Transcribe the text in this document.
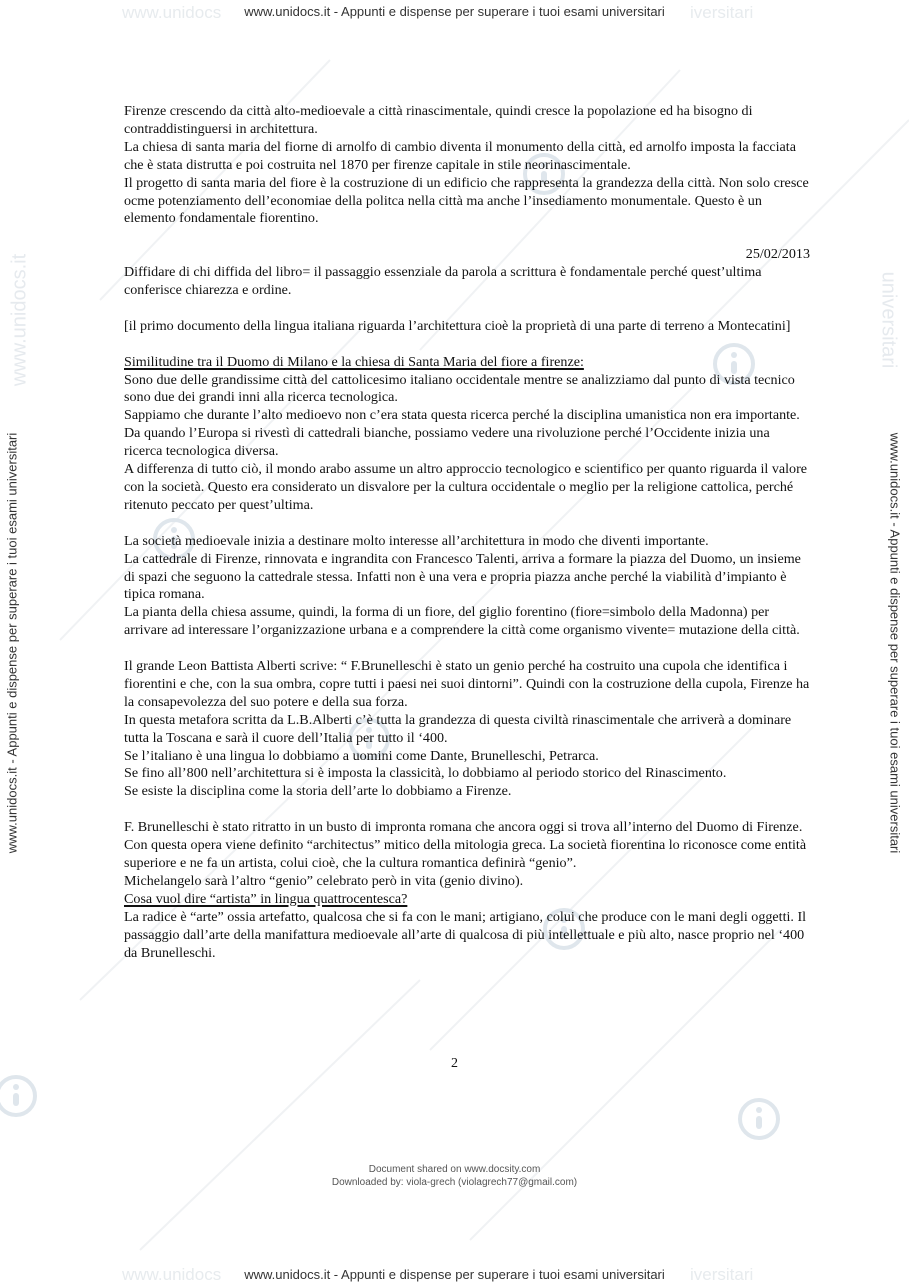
www.unidocs	iversitari
www.unidocs	iversitari
www.unidocs.it	universitari
www.unidocs.it - Appunti e dispense per superare i tuoi esami universitari
www.unidocs.it - Appunti e dispense per superare i tuoi esami universitari
www.unidocs.it - Appunti e dispense per superare i tuoi esami universitari	www.unidocs.it - Appunti e dispense per superare i tuoi esami universitari

Firenze crescendo da città alto-medioevale a città rinascimentale, quindi cresce la popolazione ed ha bisogno di contraddistinguersi in architettura.

La chiesa di santa maria del fiorne di arnolfo di cambio diventa il monumento della città, ed arnolfo imposta la facciata che è stata distrutta e poi costruita nel 1870 per firenze capitale in stile neorinascimentale.

Il progetto di santa maria del fiore è la costruzione di un edificio che rappresenta la grandezza della città. Non solo cresce ocme potenziamento dell’economiae della politca nella città ma anche l’insediamento monumentale. Questo è un elemento fondamentale fiorentino.

25/02/2013

Diffidare di chi diffida del libro= il passaggio essenziale da parola a scrittura è fondamentale perché quest’ultima conferisce chiarezza e ordine.

[il primo documento della lingua italiana riguarda l’architettura cioè la proprietà di una parte di terreno a Montecatini]

Similitudine tra il Duomo di Milano e la chiesa di Santa Maria del fiore a firenze:

Sono due delle grandissime città del cattolicesimo italiano occidentale mentre se analizziamo dal punto di vista tecnico sono due dei grandi inni alla ricerca tecnologica.

Sappiamo che durante l’alto medioevo non c’era stata questa ricerca perché la disciplina umanistica non era importante.

Da quando l’Europa si rivestì di cattedrali bianche, possiamo vedere una rivoluzione perché l’Occidente inizia una ricerca tecnologica diversa.

A differenza di tutto ciò, il mondo arabo assume un altro approccio tecnologico e scientifico per quanto riguarda il valore con la società. Questo era considerato un disvalore per la cultura occidentale o meglio per la religione cattolica, perché ritenuto peccato per quest’ultima.

La società medioevale inizia a destinare molto interesse all’architettura in modo che diventi importante.

La cattedrale di Firenze, rinnovata e ingrandita con Francesco Talenti, arriva a formare la piazza del Duomo, un insieme di spazi che seguono la cattedrale stessa. Infatti non è una vera e propria piazza anche perché la viabilità d’impianto è tipica romana.

La pianta della chiesa assume, quindi, la forma di un fiore, del giglio forentino (fiore=simbolo della Madonna) per arrivare ad interessare l’organizzazione urbana e a comprendere la città come organismo vivente= mutazione della città.

Il grande Leon Battista Alberti scrive: “ F.Brunelleschi è stato un genio perché ha costruito una cupola che identifica i fiorentini e che, con la sua ombra, copre tutti i paesi nei suoi dintorni”. Quindi con la costruzione della cupola, Firenze ha la consapevolezza del suo potere e della sua forza.

In questa metafora scritta da L.B.Alberti c’è tutta la grandezza di questa civiltà rinascimentale che arriverà a dominare tutta la Toscana e sarà il cuore dell’Italia per tutto il ‘400.

Se l’italiano è una lingua lo dobbiamo a uomini come Dante, Brunelleschi, Petrarca.

Se fino all’800 nell’architettura si è imposta la classicità, lo dobbiamo al periodo storico del Rinascimento.

Se esiste la disciplina come la storia dell’arte lo dobbiamo a Firenze.

F. Brunelleschi è stato ritratto in un busto di impronta romana che ancora oggi si trova all’interno del Duomo di Firenze. Con questa opera viene definito “architectus” mitico della mitologia greca. La società fiorentina lo riconosce come entità superiore e ne fa un artista, colui cioè, che la cultura romantica definirà “genio”.

Michelangelo sarà l’altro “genio” celebrato però in vita (genio divino).

Cosa vuol dire “artista” in lingua quattrocentesca?

La radice è “arte” ossia artefatto, qualcosa che si fa con le mani; artigiano, colui che produce con le mani degli oggetti. Il passaggio dall’arte della manifattura medioevale all’arte di qualcosa di più intellettuale e più alto, nasce proprio nel ‘400 da Brunelleschi.

2
Document shared on www.docsity.com
Downloaded by: viola-grech (violagrech77@gmail.com)
